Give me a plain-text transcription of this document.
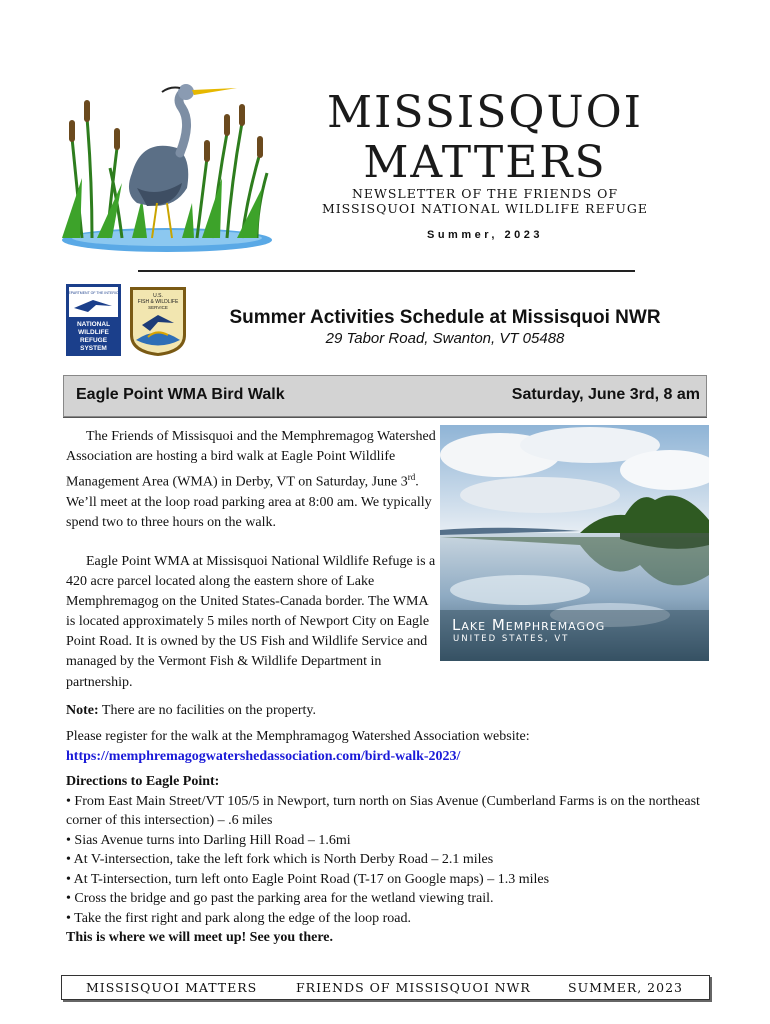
MISSISQUOI
MATTERS
NEWSLETTER OF THE FRIENDS OF
MISSISQUOI NATIONAL WILDLIFE REFUGE
Summer, 2023
DEPARTMENT OF THE INTERIOR
NATIONAL
WILDLIFE
REFUGE
SYSTEM
U.S.
FISH & WILDLIFE
SERVICE	Summer Activities Schedule at Missisquoi NWR
29 Tabor Road, Swanton, VT 05488
Eagle Point WMA Bird Walk	Saturday, June 3rd, 8 am

The Friends of Missisquoi and the Memphremagog Watershed Association are hosting a bird walk at Eagle Point Wildlife Management Area (WMA) in Derby, VT on Saturday, June 3rd. We’ll meet at the loop road parking area at 8:00 am. We typically spend two to three hours on the walk.

Eagle Point WMA at Missisquoi National Wildlife Refuge is a 420 acre parcel located along the eastern shore of Lake Memphremagog on the United States-Canada border. The WMA is located approximately 5 miles north of Newport City on Eagle Point Road. It is owned by the US Fish and Wildlife Service and managed by the Vermont Fish & Wildlife Department in partnership.

Lake Memphremagog
UNITED STATES, VT
Note: There are no facilities on the property.
Please register for the walk at the Memphramagog Watershed Association website:
https://memphremagogwatershedassociation.com/bird-walk-2023/
Directions to Eagle Point:
• From East Main Street/VT 105/5 in Newport, turn north on Sias Avenue (Cumberland Farms is on the northeast corner of this intersection) – .6 miles
• Sias Avenue turns into Darling Hill Road – 1.6mi
• At V-intersection, take the left fork which is North Derby Road – 2.1 miles
• At T-intersection, turn left onto Eagle Point Road (T-17 on Google maps) – 1.3 miles
• Cross the bridge and go past the parking area for the wetland viewing trail.
• Take the first right and park along the edge of the loop road.
This is where we will meet up! See you there.
MISSISQUOI MATTERS	FRIENDS OF MISSISQUOI NWR	SUMMER, 2023
